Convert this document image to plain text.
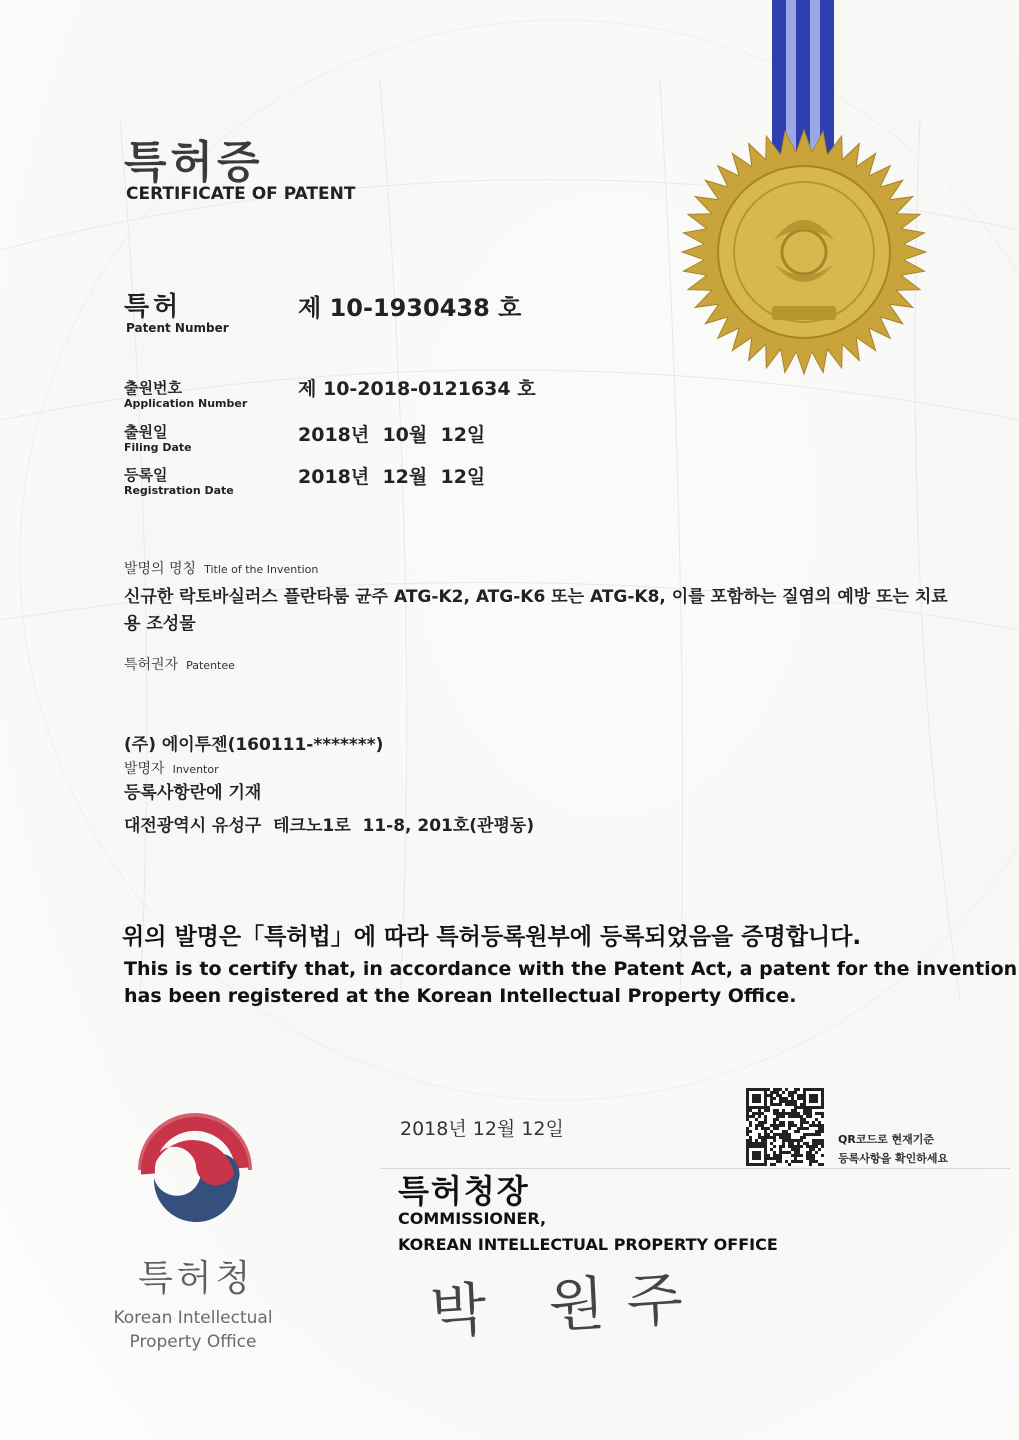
특허증
CERTIFICATE OF PATENT
특허
Patent Number
제 10-1930438 호
출원번호
Application Number
제 10-2018-0121634 호
출원일
Filing Date
2018년  10월  12일
등록일
Registration Date
2018년  12월  12일
발명의 명칭 Title of the Invention
신규한 락토바실러스 플란타룸 균주 ATG-K2, ATG-K6 또는 ATG-K8, 이를 포함하는 질염의 예방 또는 치료
용 조성물
특허권자 Patentee

(주) 에이투젠(160111-*******)

대전광역시 유성구  테크노1로  11-8, 201호(관평동)

발명자 Inventor
등록사항란에 기재
위의 발명은「특허법」에 따라 특허등록원부에 등록되었음을 증명합니다.
This is to certify that, in accordance with the Patent Act, a patent for the invention
has been registered at the Korean Intellectual Property Office.
2018년 12월 12일	QR코드로 현재기준
등록사항을 확인하세요
특허청장
COMMISSIONER,
KOREAN INTELLECTUAL PROPERTY OFFICE
박 원주
특허청
Korean Intellectual
Property Office
